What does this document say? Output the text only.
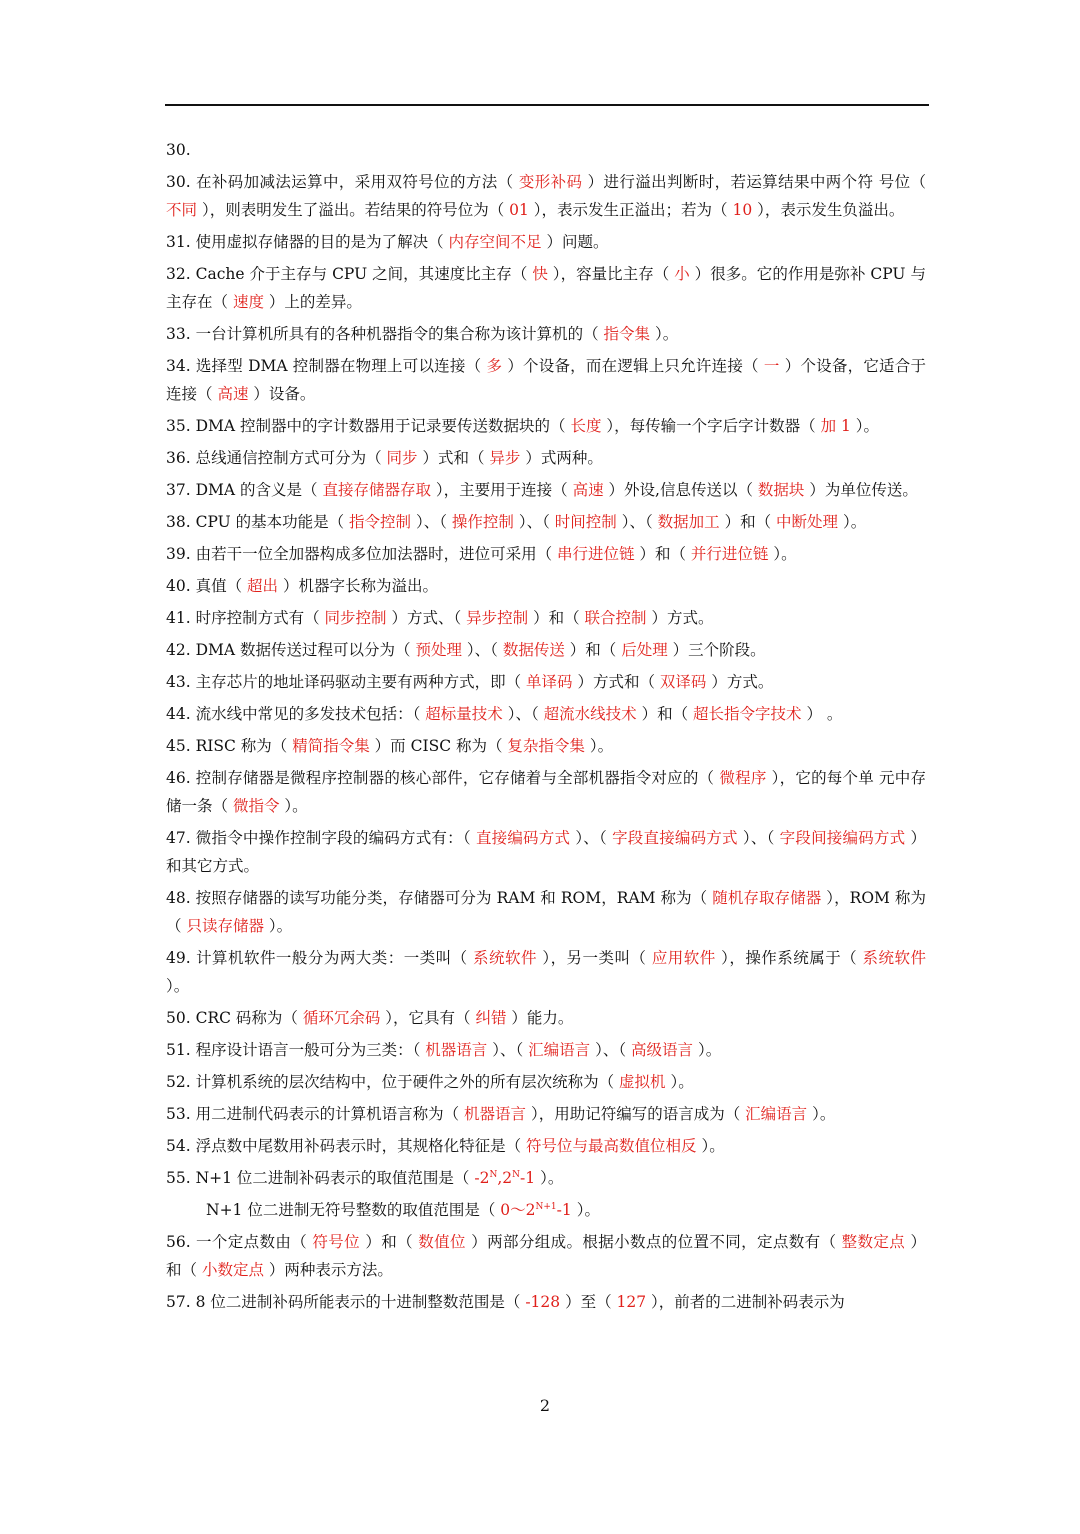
30.

30. 在补码加减法运算中，采用双符号位的方法（ 变形补码 ）进行溢出判断时，若运算结果中两个符 号位（ 不同 ），则表明发生了溢出。若结果的符号位为（ 01 ），表示发生正溢出；若为（ 10 ），表示发生负溢出。

31. 使用虚拟存储器的目的是为了解决（ 内存空间不足 ）问题。

32. Cache 介于主存与 CPU 之间，其速度比主存（ 快 ），容量比主存（ 小 ）很多。它的作用是弥补 CPU 与主存在（ 速度 ）上的差异。

33. 一台计算机所具有的各种机器指令的集合称为该计算机的（ 指令集 ）。

34. 选择型 DMA 控制器在物理上可以连接（ 多 ）个设备，而在逻辑上只允许连接（ 一 ）个设备，它适合于连接（ 高速 ）设备。

35. DMA 控制器中的字计数器用于记录要传送数据块的（ 长度 ），每传输一个字后字计数器（ 加 1 ）。

36. 总线通信控制方式可分为（ 同步 ）式和（ 异步 ）式两种。

37. DMA 的含义是（ 直接存储器存取 ），主要用于连接（ 高速 ）外设,信息传送以（ 数据块 ）为单位传送。

38. CPU 的基本功能是（ 指令控制 ）、（ 操作控制 ）、（ 时间控制 ）、（ 数据加工 ）和（ 中断处理 ）。

39. 由若干一位全加器构成多位加法器时，进位可采用（ 串行进位链 ）和（ 并行进位链 ）。

40. 真值（ 超出 ）机器字长称为溢出。

41. 时序控制方式有（ 同步控制 ）方式、（ 异步控制 ）和（ 联合控制 ）方式。

42. DMA 数据传送过程可以分为（ 预处理 ）、（ 数据传送 ）和（ 后处理 ）三个阶段。

43. 主存芯片的地址译码驱动主要有两种方式，即（ 单译码 ）方式和（ 双译码 ）方式。

44. 流水线中常见的多发技术包括：（ 超标量技术 ）、（ 超流水线技术 ）和（ 超长指令字技术 ） 。

45. RISC 称为（ 精简指令集 ）而 CISC 称为（ 复杂指令集 ）。

46. 控制存储器是微程序控制器的核心部件，它存储着与全部机器指令对应的（ 微程序 ），它的每个单 元中存储一条（ 微指令 ）。

47. 微指令中操作控制字段的编码方式有：（ 直接编码方式 ）、（ 字段直接编码方式 ）、（ 字段间接编码方式 ）和其它方式。

48. 按照存储器的读写功能分类，存储器可分为 RAM 和 ROM，RAM 称为（ 随机存取存储器 ），ROM 称为（ 只读存储器 ）。

49. 计算机软件一般分为两大类：一类叫（ 系统软件 ），另一类叫（ 应用软件 ），操作系统属于（ 系统软件 ）。

50. CRC 码称为（ 循环冗余码 ），它具有（ 纠错 ）能力。

51. 程序设计语言一般可分为三类：（ 机器语言 ）、（ 汇编语言 ）、（ 高级语言 ）。

52. 计算机系统的层次结构中，位于硬件之外的所有层次统称为（ 虚拟机 ）。

53. 用二进制代码表示的计算机语言称为（ 机器语言 ），用助记符编写的语言成为（ 汇编语言 ）。

54. 浮点数中尾数用补码表示时，其规格化特征是（ 符号位与最高数值位相反 ）。

55. N+1 位二进制补码表示的取值范围是（ $-2^N,2^N-1$ ）。

N+1 位二进制无符号整数的取值范围是（ $0\sim 2^{N+1}-1$ ）。

56. 一个定点数由（ 符号位 ）和（ 数值位 ）两部分组成。根据小数点的位置不同，定点数有（ 整数定点 ） 和（ 小数定点 ）两种表示方法。

57. 8 位二进制补码所能表示的十进制整数范围是（ -128 ）至（ 127 ），前者的二进制补码表示为

2
